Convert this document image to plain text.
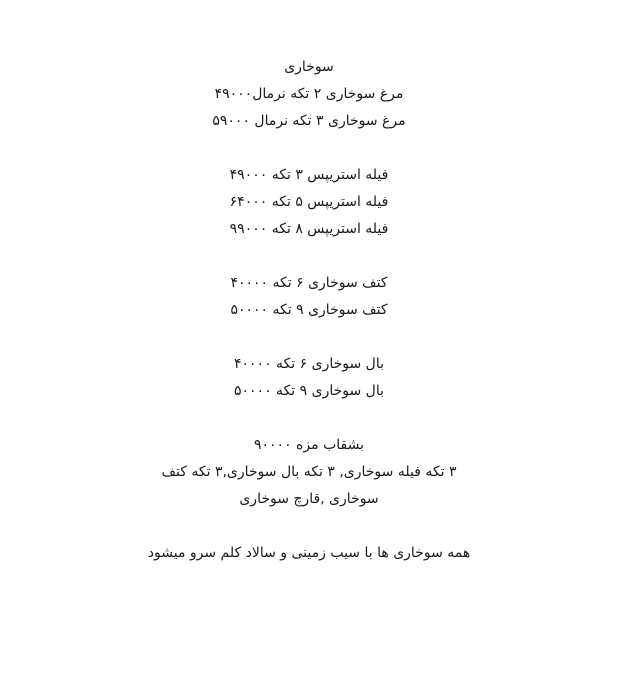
سوخاری
مرغ سوخاری ۲ تکه نرمال۴۹۰۰۰
مرغ سوخاری ۳ تکه نرمال ۵۹۰۰۰
فیله استریپس ۳ تکه ۴۹۰۰۰
فیله استریپس ۵ تکه ۶۴۰۰۰
فیله استریپس ۸ تکه ۹۹۰۰۰
کتف سوخاری ۶ تکه ۴۰۰۰۰
کتف سوخاری ۹ تکه ۵۰۰۰۰
بال سوخاری ۶ تکه ۴۰۰۰۰
بال سوخاری ۹ تکه ۵۰۰۰۰
بشقاب مزه ۹۰۰۰۰
۳ تکه فیله سوخاری, ۳ تکه بال سوخاری,۳ تکه کتف سوخاری ,قارچ سوخاری
همه سوخاری ها با سیب زمینی و سالاد کلم سرو میشود
